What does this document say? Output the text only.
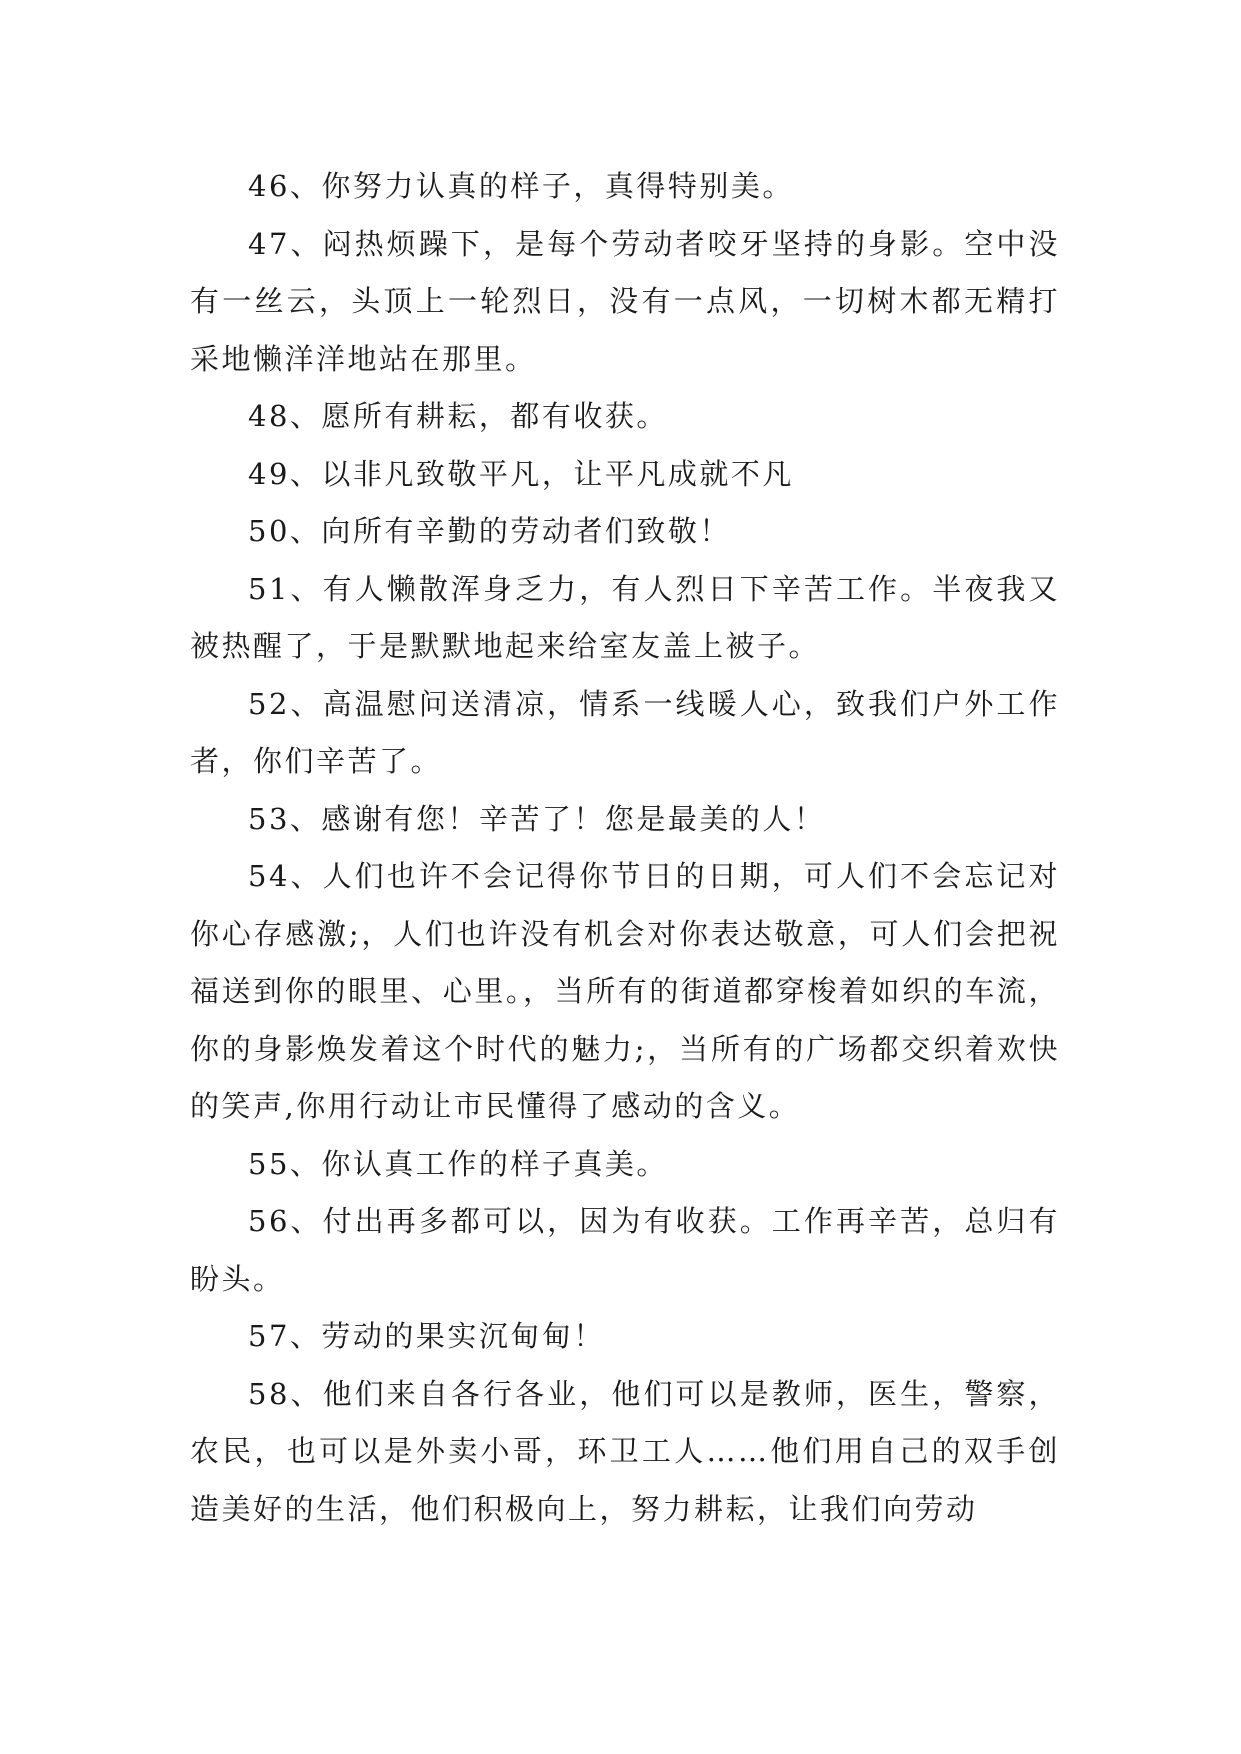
46、你努力认真的样子，真得特别美。

47、闷热烦躁下，是每个劳动者咬牙坚持的身影。空中没有一丝云，头顶上一轮烈日，没有一点风，一切树木都无精打采地懒洋洋地站在那里。

48、愿所有耕耘，都有收获。

49、以非凡致敬平凡，让平凡成就不凡

50、向所有辛勤的劳动者们致敬！

51、有人懒散浑身乏力，有人烈日下辛苦工作。半夜我又被热醒了，于是默默地起来给室友盖上被子。

52、高温慰问送清凉，情系一线暖人心，致我们户外工作者，你们辛苦了。

53、感谢有您！辛苦了！您是最美的人！

54、人们也许不会记得你节日的日期，可人们不会忘记对你心存感激;，人们也许没有机会对你表达敬意，可人们会把祝福送到你的眼里、心里。，当所有的街道都穿梭着如织的车流，你的身影焕发着这个时代的魅力;，当所有的广场都交织着欢快的笑声,你用行动让市民懂得了感动的含义。

55、你认真工作的样子真美。

56、付出再多都可以，因为有收获。工作再辛苦，总归有盼头。

57、劳动的果实沉甸甸！

58、他们来自各行各业，他们可以是教师，医生，警察，农民，也可以是外卖小哥，环卫工人……他们用自己的双手创造美好的生活，他们积极向上，努力耕耘，让我们向劳动
